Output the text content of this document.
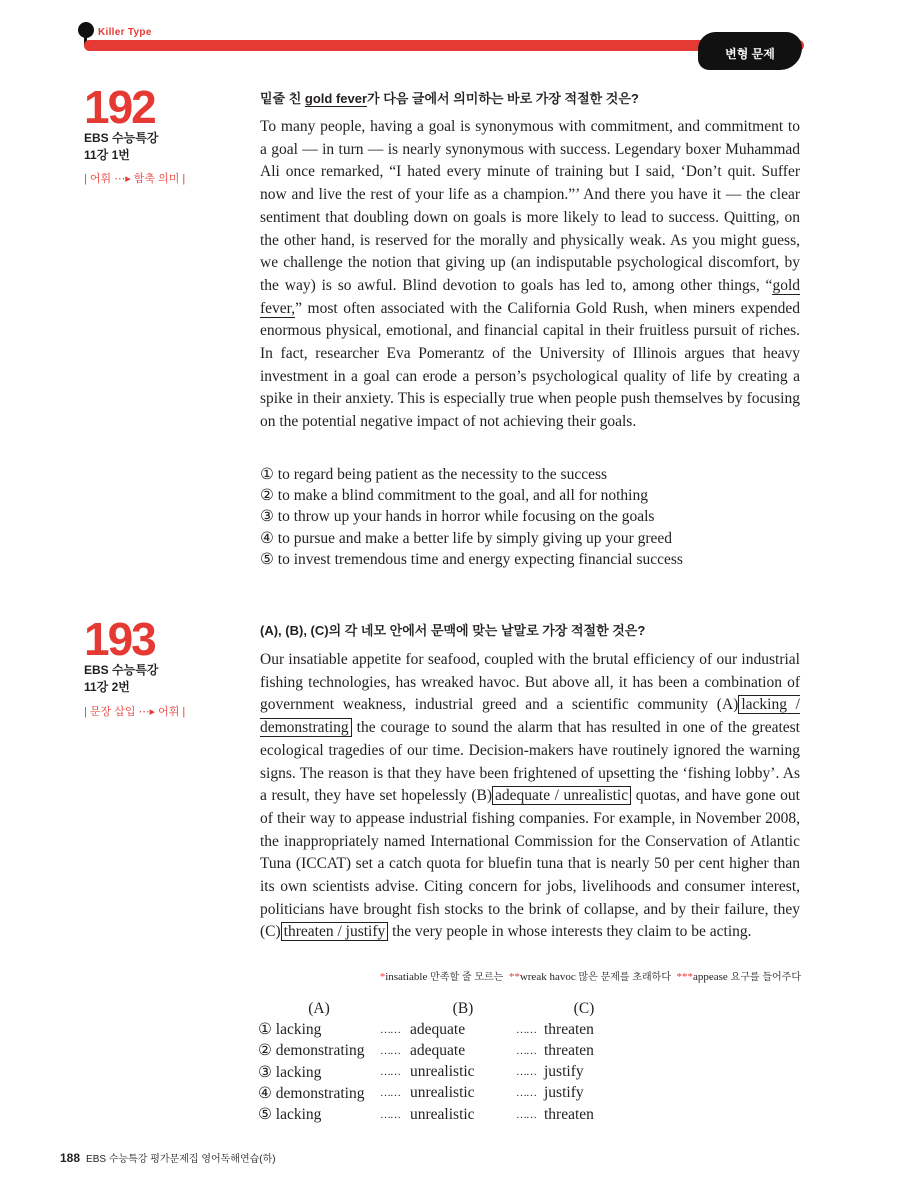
Killer Type
변형 문제
192
EBS 수능특강
11강 1번
| 어휘 ⋯▸ 함축 의미 |
밑줄 친 gold fever가 다음 글에서 의미하는 바로 가장 적절한 것은?
To many people, having a goal is synonymous with commitment, and commitment to a goal — in turn — is nearly synonymous with success. Legendary boxer Muhammad Ali once remarked, “I hated every minute of training but I said, ‘Don’t quit. Suffer now and live the rest of your life as a champion.”’ And there you have it — the clear sentiment that doubling down on goals is more likely to lead to success. Quitting, on the other hand, is reserved for the morally and physically weak. As you might guess, we challenge the notion that giving up (an indisputable psychological discomfort, by the way) is so awful. Blind devotion to goals has led to, among other things, “gold fever,” most often associated with the California Gold Rush, when miners expended enormous physical, emotional, and financial capital in their fruitless pursuit of riches. In fact, researcher Eva Pomerantz of the University of Illinois argues that heavy investment in a goal can erode a person’s psychological quality of life by creating a spike in their anxiety. This is especially true when people push themselves by focusing on the potential negative impact of not achieving their goals.
① to regard being patient as the necessity to the success
② to make a blind commitment to the goal, and all for nothing
③ to throw up your hands in horror while focusing on the goals
④ to pursue and make a better life by simply giving up your greed
⑤ to invest tremendous time and energy expecting financial success
193
EBS 수능특강
11강 2번
| 문장 삽입 ⋯▸ 어휘 |
(A), (B), (C)의 각 네모 안에서 문맥에 맞는 낱말로 가장 적절한 것은?
Our insatiable appetite for seafood, coupled with the brutal efficiency of our industrial fishing technologies, has wreaked havoc. But above all, it has been a combination of government weakness, industrial greed and a scientific community (A) lacking / demonstrating the courage to sound the alarm that has resulted in one of the greatest ecological tragedies of our time. Decision-makers have routinely ignored the warning signs. The reason is that they have been frightened of upsetting the ‘fishing lobby’. As a result, they have set hopelessly (B) adequate / unrealistic quotas, and have gone out of their way to appease industrial fishing companies. For example, in November 2008, the inappropriately named International Commission for the Conservation of Atlantic Tuna (ICCAT) set a catch quota for bluefin tuna that is nearly 50 per cent higher than its own scientists advise. Citing concern for jobs, livelihoods and consumer interest, politicians have brought fish stocks to the brink of collapse, and by their failure, they (C) threaten / justify the very people in whose interests they claim to be acting.
*insatiable 만족할 줄 모르는 **wreak havoc 많은 문제를 초래하다 ***appease 요구를 들어주다
(A)		(B)		(C)
① lacking	……	adequate	……	threaten
② demonstrating	……	adequate	……	threaten
③ lacking	……	unrealistic	……	justify
④ demonstrating	……	unrealistic	……	justify
⑤ lacking	……	unrealistic	……	threaten
188 EBS 수능특강 평가문제집 영어독해연습(하)
